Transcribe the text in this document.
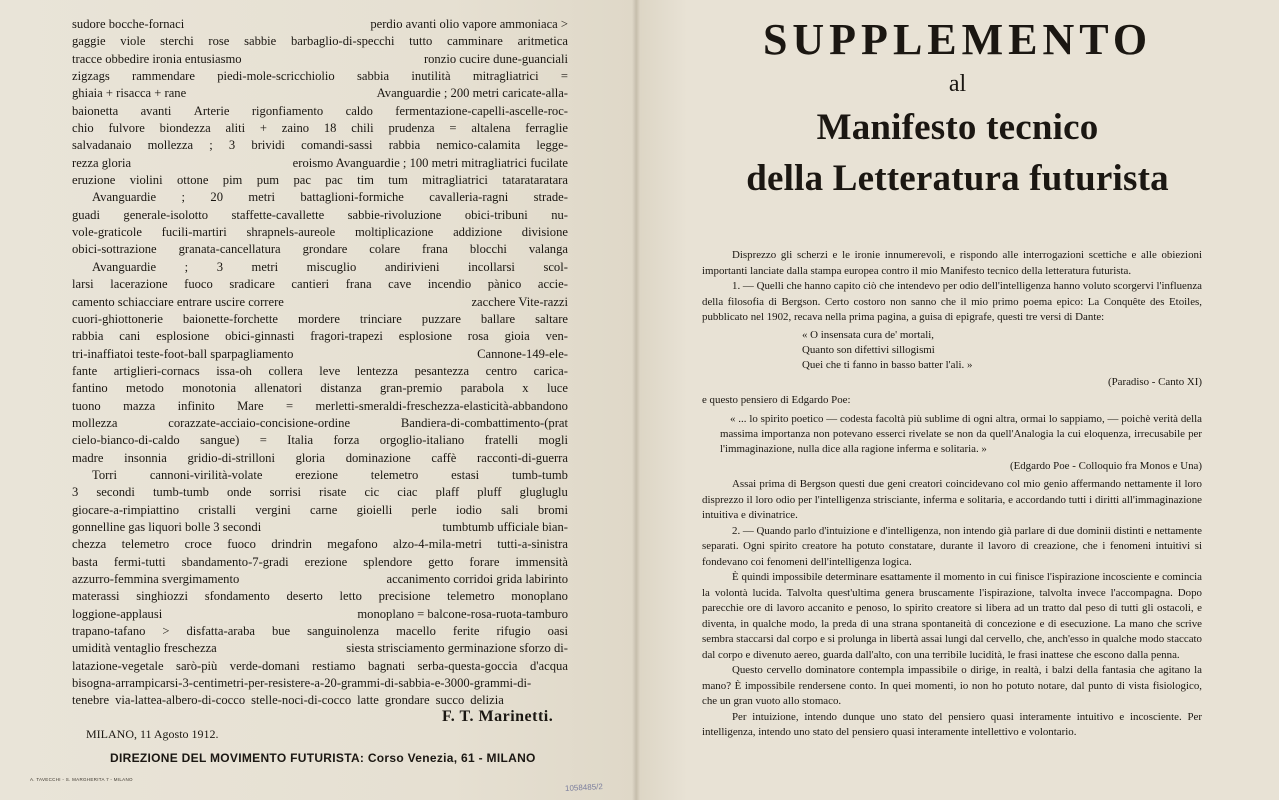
sudore bocche-fornaci	perdio avanti olio vapore ammoniaca >
gaggie viole sterchi rose sabbie barbaglio-di-specchi tutto camminare aritmetica
tracce obbedire ironia entusiasmo	ronzio cucire dune-guanciali
zigzags rammendare piedi-mole-scricchiolio sabbia inutilità mitragliatrici =
ghiaia + risacca + rane	Avanguardie ; 200 metri caricate-alla-
baionetta avanti Arterie rigonfiamento caldo fermentazione-capelli-ascelle-roc-
chio fulvore biondezza aliti + zaino 18 chili prudenza = altalena ferraglie
salvadanaio mollezza ; 3 brividi comandi-sassi rabbia nemico-calamita legge-
rezza gloria	eroismo Avanguardie ; 100 metri mitragliatrici fucilate
eruzione violini ottone pim pum pac pac tim tum mitragliatrici tatarataratara
Avanguardie ; 20 metri battaglioni-formiche cavalleria-ragni strade-
guadi generale-isolotto staffette-cavallette sabbie-rivoluzione obici-tribuni nu-
vole-graticole fucili-martiri shrapnels-aureole moltiplicazione addizione divisione
obici-sottrazione granata-cancellatura grondare colare frana blocchi valanga
Avanguardie ; 3 metri miscuglio andirivieni incollarsi scol-
larsi lacerazione fuoco sradicare cantieri frana cave incendio pànico accie-
camento schiacciare entrare uscire correre	zacchere Vite-razzi
cuori-ghiottonerie baionette-forchette mordere trinciare puzzare ballare saltare
rabbia cani esplosione obici-ginnasti fragori-trapezi esplosione rosa gioia ven-
tri-inaffiatoi teste-foot-ball sparpagliamento	Cannone-149-ele-
fante artiglieri-cornacs issa-oh collera leve lentezza pesantezza centro carica-
fantino metodo monotonia allenatori distanza gran-premio parabola x luce
tuono mazza infinito Mare = merletti-smeraldi-freschezza-elasticità-abbandono
mollezza	corazzate-acciaio-concisione-ordine	Bandiera-di-combattimento-(prat
cielo-bianco-di-caldo sangue) = Italia forza orgoglio-italiano fratelli mogli
madre insonnia gridio-di-strilloni gloria dominazione caffè racconti-di-guerra
Torri	cannoni-virilità-volate	erezione	telemetro	estasi	tumb-tumb
3 secondi tumb-tumb onde sorrisi risate cic ciac plaff pluff glugluglu
giocare-a-rimpiattino cristalli vergini carne gioielli perle iodio sali bromi
gonnelline gas liquori bolle 3 secondi	tumbtumb ufficiale bian-
chezza telemetro croce fuoco drindrin megafono alzo-4-mila-metri tutti-a-sinistra
basta fermi-tutti sbandamento-7-gradi erezione splendore getto forare immensità
azzurro-femmina svergimamento	accanimento corridoi grida labirinto
materassi singhiozzi sfondamento deserto letto precisione telemetro monoplano
loggione-applausi	monoplano = balcone-rosa-ruota-tamburo
trapano-tafano > disfatta-araba bue sanguinolenza macello ferite rifugio oasi
umidità ventaglio freschezza	siesta strisciamento germinazione sforzo di-
latazione-vegetale sarò-più verde-domani restiamo bagnati serba-questa-goccia d'acqua
bisogna-arrampicarsi-3-centimetri-per-resistere-a-20-grammi-di-sabbia-e-3000-grammi-di-
tenebre via-lattea-albero-di-cocco stelle-noci-di-cocco latte grondare succo delizia
F. T. Marinetti.
MILANO, 11 Agosto 1912.
DIREZIONE DEL MOVIMENTO FUTURISTA: Corso Venezia, 61 - MILANO
A. TAVECCHI - S. MARGHERITA 7 - MILANO
1058485/2
SUPPLEMENTO
al
Manifesto tecnico
della Letteratura futurista

Disprezzo gli scherzi e le ironie innumerevoli, e rispondo alle interrogazioni scettiche e alle obiezioni importanti lanciate dalla stampa europea contro il mio Manifesto tecnico della letteratura futurista.

1. — Quelli che hanno capito ciò che intendevo per odio dell'intelligenza hanno voluto scorgervi l'influenza della filosofia di Bergson. Certo costoro non sanno che il mio primo poema epico: La Conquête des Etoiles, pubblicato nel 1902, recava nella prima pagina, a guisa di epigrafe, questi tre versi di Dante:

« O insensata cura de' mortali,
Quanto son difettivi sillogismi
Quei che ti fanno in basso batter l'ali. »
(Paradiso - Canto XI)

e questo pensiero di Edgardo Poe:

« ... lo spirito poetico — codesta facoltà più sublime di ogni altra, ormai lo sappiamo, — poichè verità della massima importanza non potevano esserci rivelate se non da quell'Analogia la cui eloquenza, irrecusabile per l'immaginazione, nulla dice alla ragione inferma e solitaria. »
(Edgardo Poe - Colloquio fra Monos e Una)

Assai prima di Bergson questi due geni creatori coincidevano col mio genio affermando nettamente il loro disprezzo il loro odio per l'intelligenza strisciante, inferma e solitaria, e accordando tutti i diritti all'immaginazione intuitiva e divinatrice.

2. — Quando parlo d'intuizione e d'intelligenza, non intendo già parlare di due dominii distinti e nettamente separati. Ogni spirito creatore ha potuto constatare, durante il lavoro di creazione, che i fenomeni intuitivi si fondevano coi fenomeni dell'intelligenza logica.

È quindi impossibile determinare esattamente il momento in cui finisce l'ispirazione incosciente e comincia la volontà lucida. Talvolta quest'ultima genera bruscamente l'ispirazione, talvolta invece l'accompagna. Dopo parecchie ore di lavoro accanito e penoso, lo spirito creatore si libera ad un tratto dal peso di tutti gli ostacoli, e diventa, in qualche modo, la preda di una strana spontaneità di concezione e di esecuzione. La mano che scrive sembra staccarsi dal corpo e si prolunga in libertà assai lungi dal cervello, che, anch'esso in qualche modo staccato dal corpo e divenuto aereo, guarda dall'alto, con una terribile lucidità, le frasi inattese che escono dalla penna.

Questo cervello dominatore contempla impassibile o dirige, in realtà, i balzi della fantasia che agitano la mano? È impossibile rendersene conto. In quei momenti, io non ho potuto notare, dal punto di vista fisiologico, che un gran vuoto allo stomaco.

Per intuizione, intendo dunque uno stato del pensiero quasi interamente intuitivo e incosciente. Per intelligenza, intendo uno stato del pensiero quasi interamente intellettivo e volontario.
